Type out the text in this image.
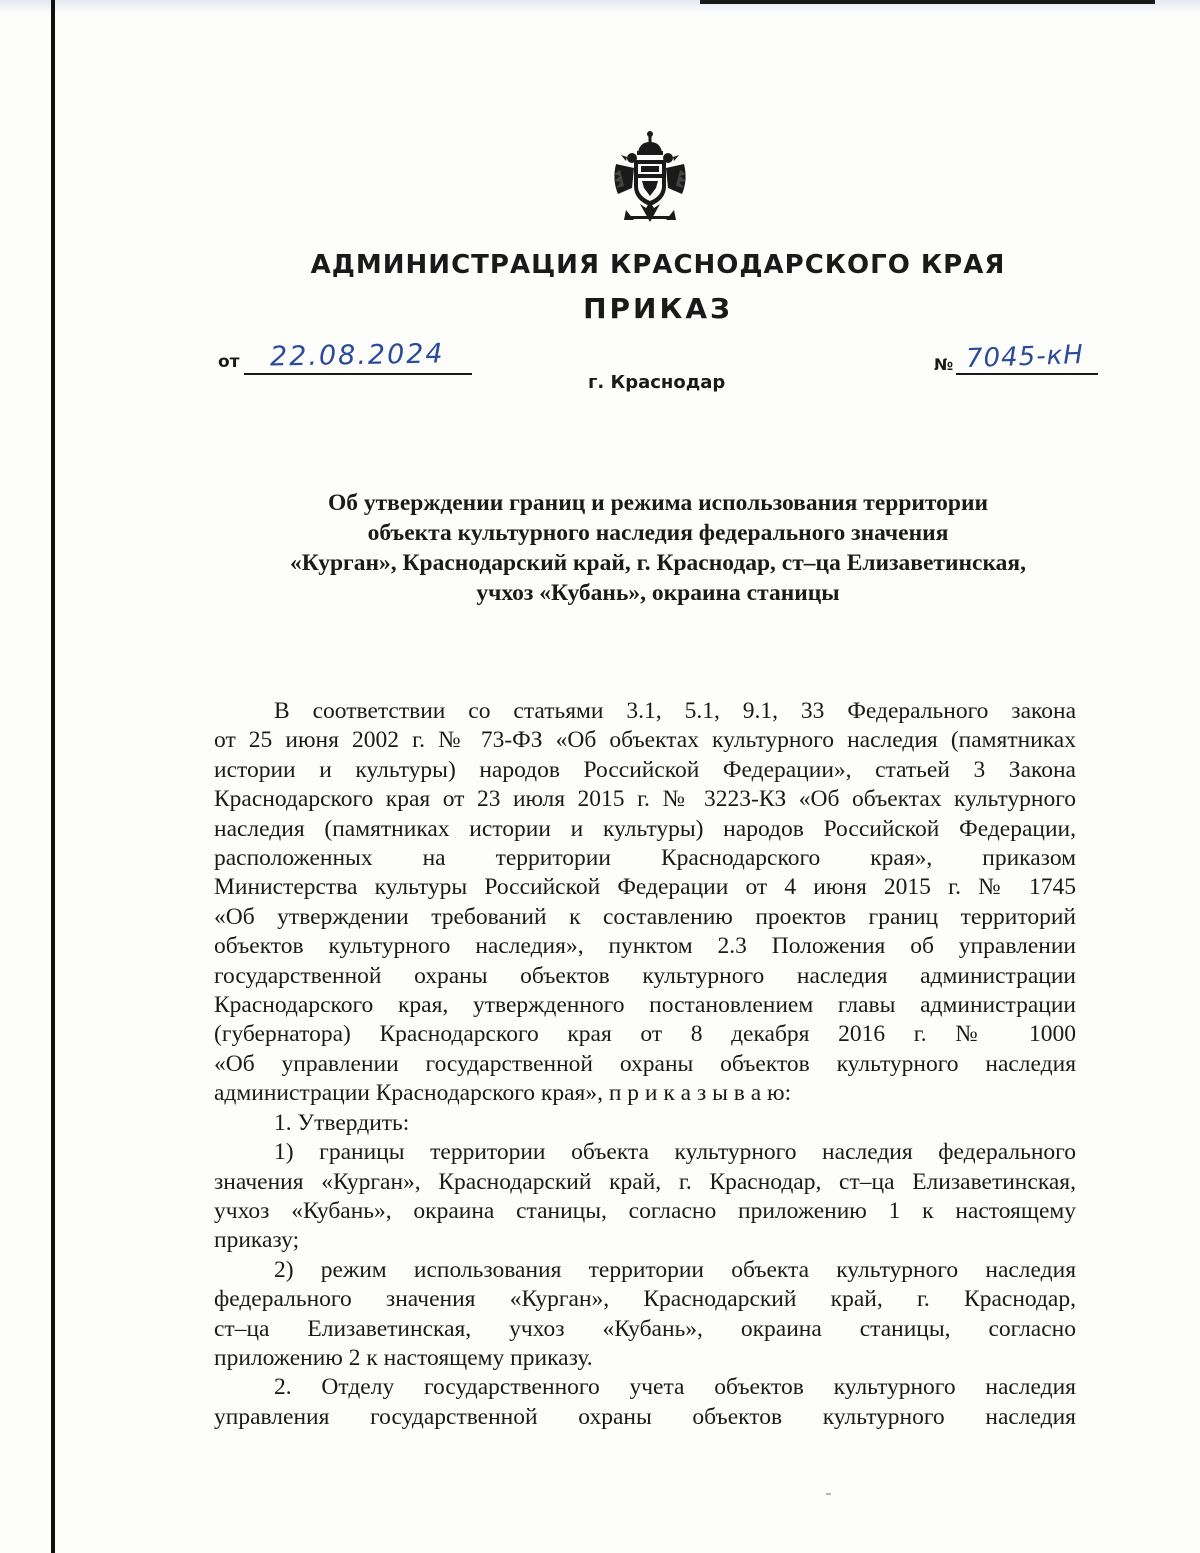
АДМИНИСТРАЦИЯ КРАСНОДАРСКОГО КРАЯ
ПРИКАЗ
от 22.08.2024
г. Краснодар
№ 7045-кН
Об утверждении границ и режима использования территории
объекта культурного наследия федерального значения
«Курган», Краснодарский край, г. Краснодар, ст–ца Елизаветинская,
учхоз «Кубань», окраина станицы
В соответствии со статьями 3.1, 5.1, 9.1, 33 Федерального закона
от 25 июня 2002 г. № 73-ФЗ «Об объектах культурного наследия (памятниках
истории и культуры) народов Российской Федерации», статьей 3 Закона
Краснодарского края от 23 июля 2015 г. № 3223-КЗ «Об объектах культурного
наследия (памятниках истории и культуры) народов Российской Федерации,
расположенных на территории Краснодарского края», приказом
Министерства культуры Российской Федерации от 4 июня 2015 г. № 1745
«Об утверждении требований к составлению проектов границ территорий
объектов культурного наследия», пунктом 2.3 Положения об управлении
государственной охраны объектов культурного наследия администрации
Краснодарского края, утвержденного постановлением главы администрации
(губернатора) Краснодарского края от 8 декабря 2016 г. № 1000
«Об управлении государственной охраны объектов культурного наследия
администрации Краснодарского края», п р и к а з ы в а ю:
1. Утвердить:
1) границы территории объекта культурного наследия федерального
значения «Курган», Краснодарский край, г. Краснодар, ст–ца Елизаветинская,
учхоз «Кубань», окраина станицы, согласно приложению 1 к настоящему
приказу;
2) режим использования территории объекта культурного наследия
федерального значения «Курган», Краснодарский край, г. Краснодар,
ст–ца Елизаветинская, учхоз «Кубань», окраина станицы, согласно
приложению 2 к настоящему приказу.
2. Отделу государственного учета объектов культурного наследия
управления государственной охраны объектов культурного наследия
